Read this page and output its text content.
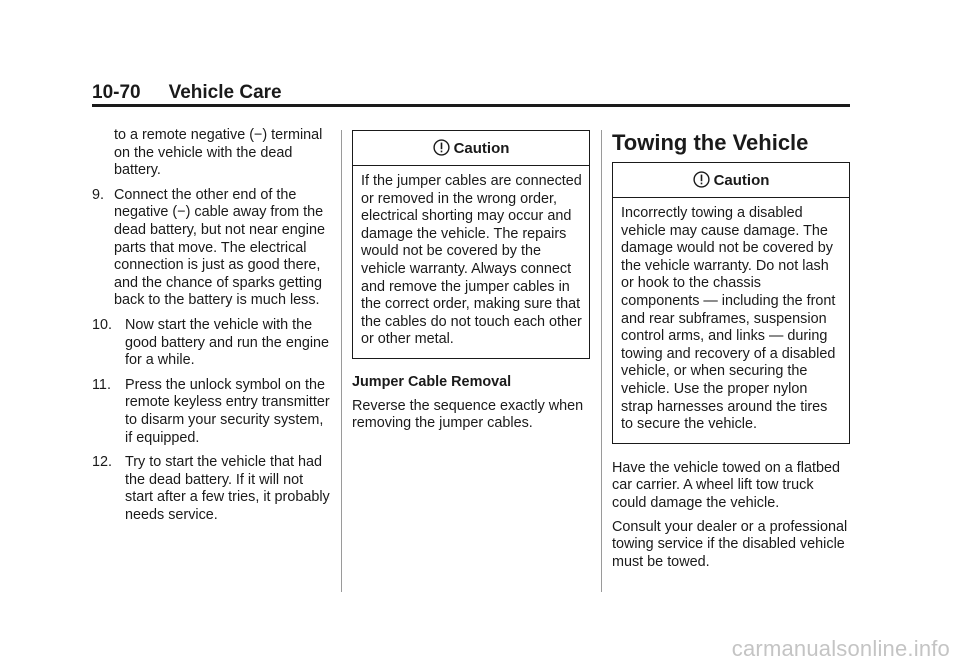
10-70 Vehicle Care

to a remote negative (−) terminal on the vehicle with the dead battery.

9. Connect the other end of the negative (−) cable away from the dead battery, but not near engine parts that move. The electrical connection is just as good there, and the chance of sparks getting back to the battery is much less.

10. Now start the vehicle with the good battery and run the engine for a while.

11. Press the unlock symbol on the remote keyless entry transmitter to disarm your security system, if equipped.

12. Try to start the vehicle that had the dead battery. If it will not start after a few tries, it probably needs service.

Caution

If the jumper cables are connected or removed in the wrong order, electrical shorting may occur and damage the vehicle. The repairs would not be covered by the vehicle warranty. Always connect and remove the jumper cables in the correct order, making sure that the cables do not touch each other or other metal.

Jumper Cable Removal

Reverse the sequence exactly when removing the jumper cables.

Towing the Vehicle

Caution

Incorrectly towing a disabled vehicle may cause damage. The damage would not be covered by the vehicle warranty. Do not lash or hook to the chassis components — including the front and rear subframes, suspension control arms, and links — during towing and recovery of a disabled vehicle, or when securing the vehicle. Use the proper nylon strap harnesses around the tires to secure the vehicle.

Have the vehicle towed on a flatbed car carrier. A wheel lift tow truck could damage the vehicle.

Consult your dealer or a professional towing service if the disabled vehicle must be towed.

carmanualsonline.info
